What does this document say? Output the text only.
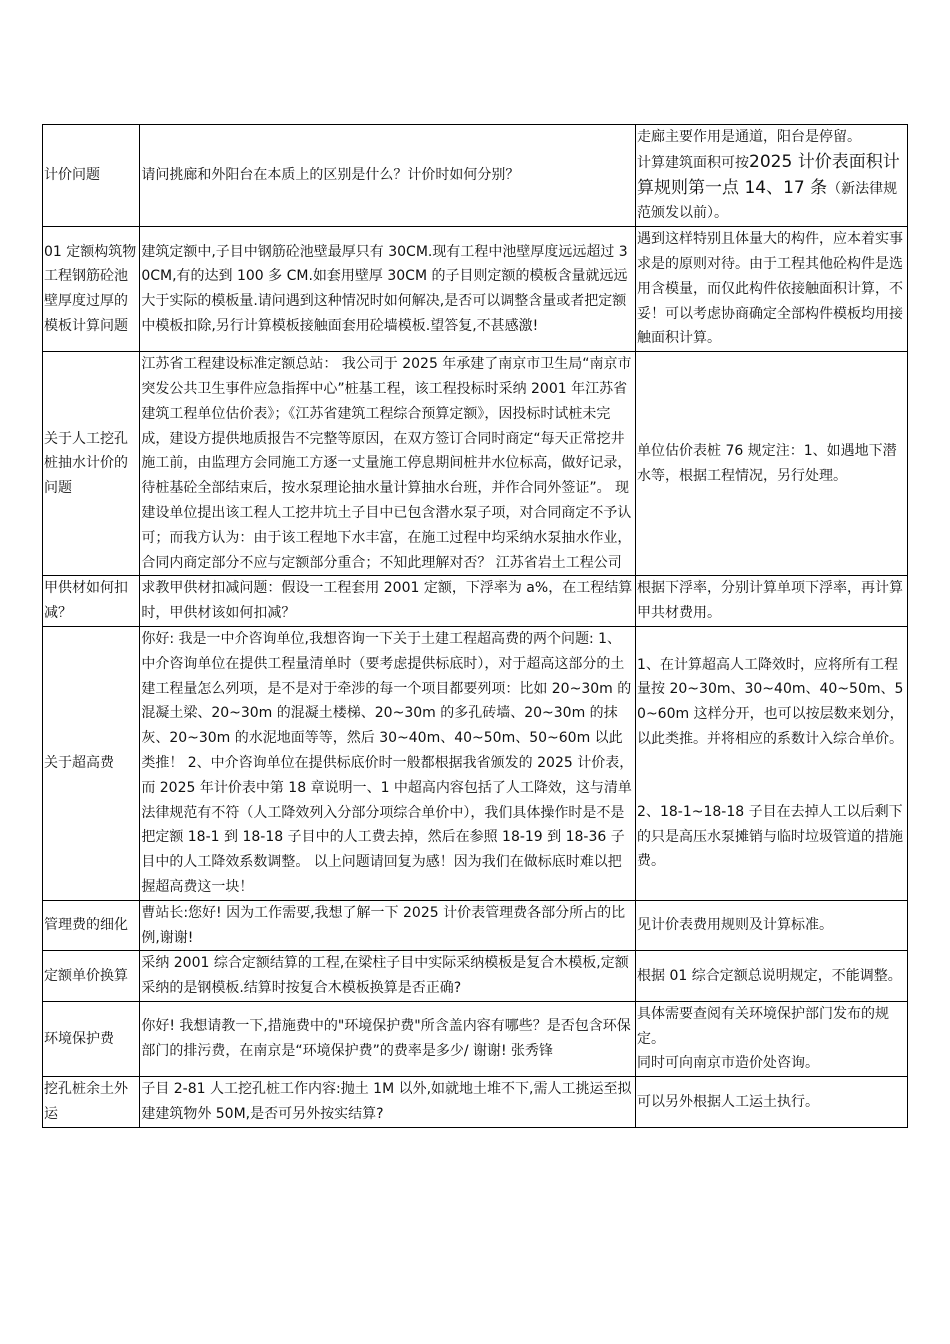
计价问题	请问挑廊和外阳台在本质上的区别是什么？计价时如何分别？	走廊主要作用是通道，阳台是停留。
计算建筑面积可按2025 计价表面积计算规则第一点 14、17 条（新法律规范颁发以前）。
01 定额构筑物工程钢筋砼池壁厚度过厚的模板计算问题	建筑定额中,子目中钢筋砼池壁最厚只有 30CM.现有工程中池壁厚度远远超过 30CM,有的达到 100 多 CM.如套用壁厚 30CM 的子目则定额的模板含量就远远大于实际的模板量.请问遇到这种情况时如何解决,是否可以调整含量或者把定额中模板扣除,另行计算模板接触面套用砼墙模板.望答复,不甚感激!	遇到这样特别且体量大的构件，应本着实事求是的原则对待。由于工程其他砼构件是选用含模量，而仅此构件依接触面积计算，不妥！可以考虑协商确定全部构件模板均用接触面积计算。
关于人工挖孔桩抽水计价的问题	江苏省工程建设标准定额总站： 我公司于 2025 年承建了南京市卫生局“南京市突发公共卫生事件应急指挥中心”桩基工程，该工程投标时采纳 2001 年江苏省建筑工程单位估价表》；《江苏省建筑工程综合预算定额》，因投标时试桩未完成，建设方提供地质报告不完整等原因，在双方签订合同时商定“每天正常挖井施工前，由监理方会同施工方逐一丈量施工停息期间桩井水位标高，做好记录，待桩基砼全部结束后，按水泵理论抽水量计算抽水台班，并作合同外签证”。 现建设单位提出该工程人工挖井坑土子目中已包含潜水泵子项，对合同商定不予认可；而我方认为：由于该工程地下水丰富，在施工过程中均采纳水泵抽水作业，合同内商定部分不应与定额部分重合；不知此理解对否？ 江苏省岩土工程公司	单位估价表桩 76 规定注：1、如遇地下潜水等，根据工程情况，另行处理。
甲供材如何扣减？	求教甲供材扣减问题：假设一工程套用 2001 定额，下浮率为 a%，在工程结算时，甲供材该如何扣减？	根据下浮率，分别计算单项下浮率，再计算甲共材费用。
关于超高费	你好: 我是一中介咨询单位,我想咨询一下关于土建工程超高费的两个问题: 1、中介咨询单位在提供工程量清单时（要考虑提供标底时），对于超高这部分的土建工程量怎么列项，是不是对于牵涉的每一个项目都要列项：比如 20~30m 的混凝土梁、20~30m 的混凝土楼梯、20~30m 的多孔砖墙、20~30m 的抹灰、20~30m 的水泥地面等等，然后 30~40m、40~50m、50~60m 以此类推！ 2、中介咨询单位在提供标底价时一般都根据我省颁发的 2025 计价表，而 2025 年计价表中第 18 章说明一、1 中超高内容包括了人工降效，这与清单法律规范有不符（人工降效列入分部分项综合单价中），我们具体操作时是不是把定额 18-1 到 18-18 子目中的人工费去掉，然后在参照 18-19 到 18-36 子目中的人工降效系数调整。 以上问题请回复为感！因为我们在做标底时难以把握超高费这一块！	1、在计算超高人工降效时，应将所有工程量按 20~30m、30~40m、40~50m、50~60m 这样分开，也可以按层数来划分，以此类推。并将相应的系数计入综合单价。
2、18-1~18-18 子目在去掉人工以后剩下的只是高压水泵摊销与临时垃圾管道的措施费。

管理费的细化	曹站长:您好! 因为工作需要,我想了解一下 2025 计价表管理费各部分所占的比例,谢谢!	见计价表费用规则及计算标准。
定额单价换算	采纳 2001 综合定额结算的工程,在梁柱子目中实际采纳模板是复合木模板,定额采纳的是钢模板.结算时按复合木模板换算是否正确?	根据 01 综合定额总说明规定，不能调整。
环境保护费	你好! 我想请教一下,措施费中的"环境保护费"所含盖内容有哪些？是否包含环保部门的排污费，在南京是“环境保护费”的费率是多少/ 谢谢! 张秀锋	具体需要查阅有关环境保护部门发布的规定。
同时可向南京市造价处咨询。

挖孔桩余土外运	子目 2-81 人工挖孔桩工作内容:抛土 1M 以外,如就地土堆不下,需人工挑运至拟建建筑物外 50M,是否可另外按实结算?	可以另外根据人工运土执行。
